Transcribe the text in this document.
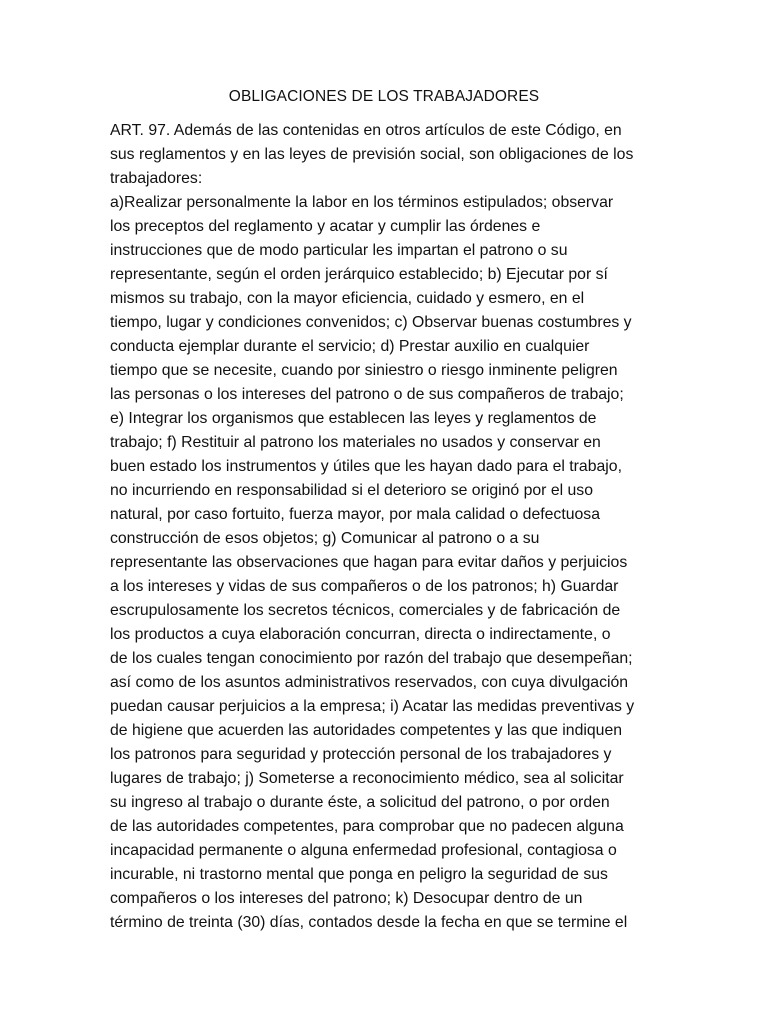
OBLIGACIONES DE LOS TRABAJADORES
ART. 97. Además de las contenidas en otros artículos de este Código, en
sus reglamentos y en las leyes de previsión social, son obligaciones de los
trabajadores:
a)Realizar personalmente la labor en los términos estipulados; observar
los preceptos del reglamento y acatar y cumplir las órdenes e
instrucciones que de modo particular les impartan el patrono o su
representante, según el orden jerárquico establecido; b) Ejecutar por sí
mismos su trabajo, con la mayor eficiencia, cuidado y esmero, en el
tiempo, lugar y condiciones convenidos; c) Observar buenas costumbres y
conducta ejemplar durante el servicio; d) Prestar auxilio en cualquier
tiempo que se necesite, cuando por siniestro o riesgo inminente peligren
las personas o los intereses del patrono o de sus compañeros de trabajo;
e) Integrar los organismos que establecen las leyes y reglamentos de
trabajo; f) Restituir al patrono los materiales no usados y conservar en
buen estado los instrumentos y útiles que les hayan dado para el trabajo,
no incurriendo en responsabilidad si el deterioro se originó por el uso
natural, por caso fortuito, fuerza mayor, por mala calidad o defectuosa
construcción de esos objetos; g) Comunicar al patrono o a su
representante las observaciones que hagan para evitar daños y perjuicios
a los intereses y vidas de sus compañeros o de los patronos; h) Guardar
escrupulosamente los secretos técnicos, comerciales y de fabricación de
los productos a cuya elaboración concurran, directa o indirectamente, o
de los cuales tengan conocimiento por razón del trabajo que desempeñan;
así como de los asuntos administrativos reservados, con cuya divulgación
puedan causar perjuicios a la empresa; i) Acatar las medidas preventivas y
de higiene que acuerden las autoridades competentes y las que indiquen
los patronos para seguridad y protección personal de los trabajadores y
lugares de trabajo; j) Someterse a reconocimiento médico, sea al solicitar
su ingreso al trabajo o durante éste, a solicitud del patrono, o por orden
de las autoridades competentes, para comprobar que no padecen alguna
incapacidad permanente o alguna enfermedad profesional, contagiosa o
incurable, ni trastorno mental que ponga en peligro la seguridad de sus
compañeros o los intereses del patrono; k) Desocupar dentro de un
término de treinta (30) días, contados desde la fecha en que se termine el
